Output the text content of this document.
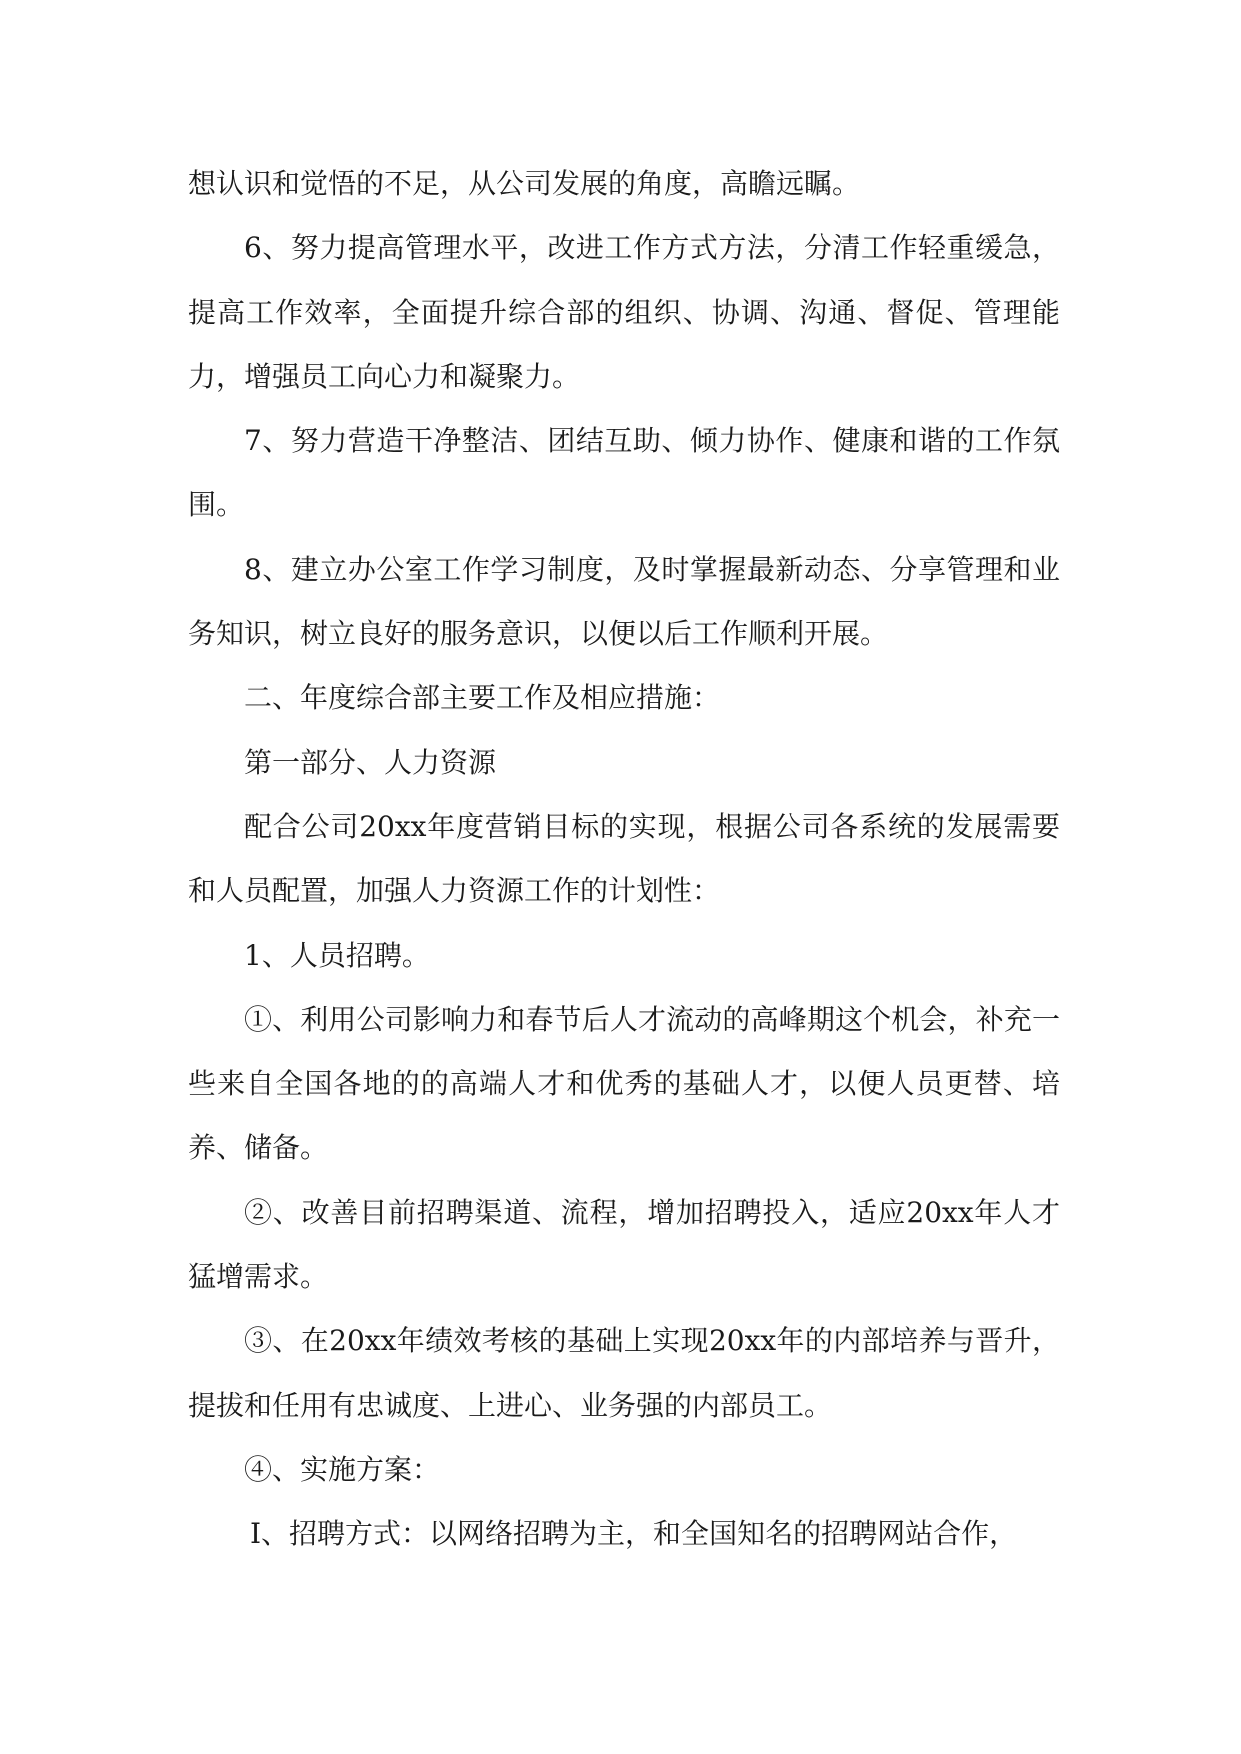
想认识和觉悟的不足，从公司发展的角度，高瞻远瞩。

6、努力提高管理水平，改进工作方式方法，分清工作轻重缓急，提高工作效率，全面提升综合部的组织、协调、沟通、督促、管理能力，增强员工向心力和凝聚力。

7、努力营造干净整洁、团结互助、倾力协作、健康和谐的工作氛围。

8、建立办公室工作学习制度，及时掌握最新动态、分享管理和业务知识，树立良好的服务意识，以便以后工作顺利开展。

二、年度综合部主要工作及相应措施：

第一部分、人力资源

配合公司20xx年度营销目标的实现，根据公司各系统的发展需要和人员配置，加强人力资源工作的计划性：

1、人员招聘。

①、利用公司影响力和春节后人才流动的高峰期这个机会，补充一些来自全国各地的的高端人才和优秀的基础人才，以便人员更替、培养、储备。

②、改善目前招聘渠道、流程，增加招聘投入，适应20xx年人才猛增需求。

③、在20xx年绩效考核的基础上实现20xx年的内部培养与晋升，提拔和任用有忠诚度、上进心、业务强的内部员工。

④、实施方案：

Ⅰ、招聘方式：以网络招聘为主，和全国知名的招聘网站合作，
